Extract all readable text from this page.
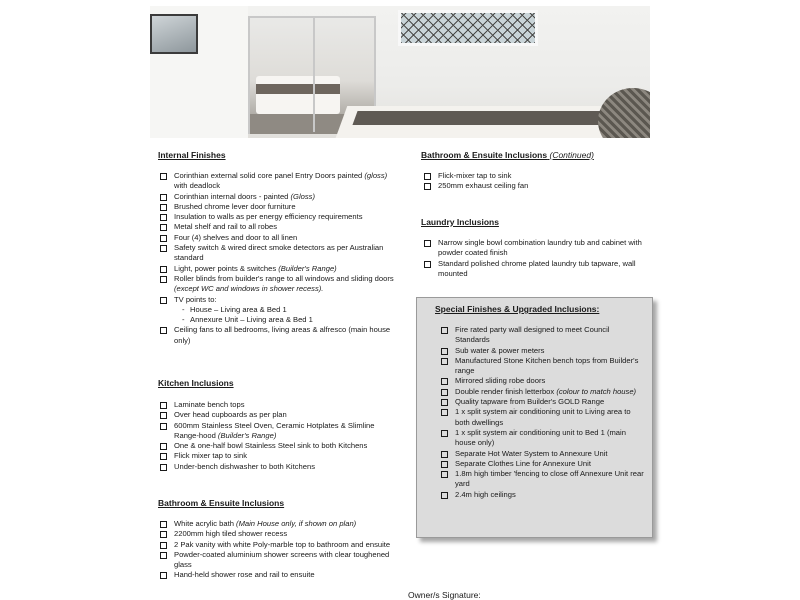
Internal Finishes
Corinthian external solid core panel Entry Doors painted (gloss) with deadlock
Corinthian internal doors - painted (Gloss)
Brushed chrome lever door furniture
Insulation to walls as per energy efficiency requirements
Metal shelf and rail to all robes
Four (4) shelves and door to all linen
Safety switch & wired direct smoke detectors as per Australian standard
Light, power points & switches (Builder's Range)
Roller blinds from builder's range to all windows and sliding doors (except WC and windows in shower recess).
TV points to:
- House – Living area & Bed 1
- Annexure Unit – Living area & Bed 1
Ceiling fans to all bedrooms, living areas & alfresco (main house only)
Kitchen Inclusions
Laminate bench tops
Over head cupboards as per plan
600mm Stainless Steel Oven, Ceramic Hotplates & Slimline Range-hood (Builder's Range)
One & one-half bowl Stainless Steel sink to both Kitchens
Flick mixer tap to sink
Under-bench dishwasher to both Kitchens
Bathroom & Ensuite Inclusions
White acrylic bath (Main House only, if shown on plan)
2200mm high tiled shower recess
2 Pak vanity with white Poly-marble top to bathroom and ensuite
Powder-coated aluminium shower screens with clear toughened glass
Hand-held shower rose and rail to ensuite
Bathroom & Ensuite Inclusions (Continued)
Flick-mixer tap to sink
250mm exhaust ceiling fan
Laundry Inclusions
Narrow single bowl combination laundry tub and cabinet with powder coated finish
Standard polished chrome plated laundry tub tapware, wall mounted
Special Finishes & Upgraded Inclusions:
Fire rated party wall designed to meet Council Standards
Sub water & power meters
Manufactured Stone Kitchen bench tops from Builder's range
Mirrored sliding robe doors
Double render finish letterbox (colour to match house)
Quality tapware from Builder's GOLD Range
1 x split system air conditioning unit to Living area to both dwellings
1 x split system air conditioning unit to Bed 1 (main house only)
Separate Hot Water System to Annexure Unit
Separate Clothes Line for Annexure Unit
1.8m high timber 'fencing to close off Annexure Unit rear yard
2.4m high ceilings
Owner/s Signature:
